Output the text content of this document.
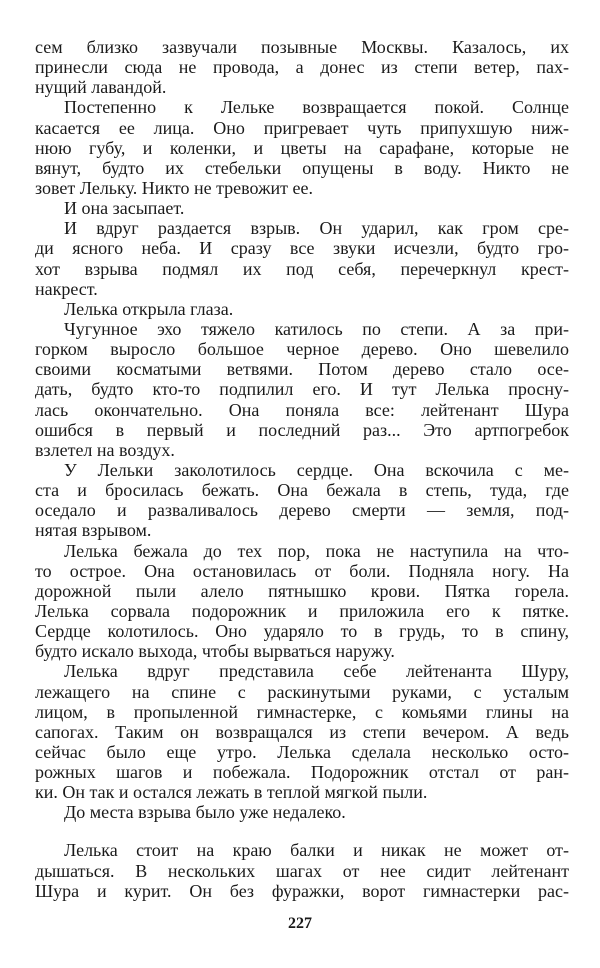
сем близко зазвучали позывные Москвы. Казалось, их
принесли сюда не провода, а донес из степи ветер, пах-
нущий лавандой.
Постепенно к Лельке возвращается покой. Солнце
касается ее лица. Оно пригревает чуть припухшую ниж-
нюю губу, и коленки, и цветы на сарафане, которые не
вянут, будто их стебельки опущены в воду. Никто не
зовет Лельку. Никто не тревожит ее.
И она засыпает.
И вдруг раздается взрыв. Он ударил, как гром сре-
ди ясного неба. И сразу все звуки исчезли, будто гро-
хот взрыва подмял их под себя, перечеркнул крест-
накрест.
Лелька открыла глаза.
Чугунное эхо тяжело катилось по степи. А за при-
горком выросло большое черное дерево. Оно шевелило
своими косматыми ветвями. Потом дерево стало осе-
дать, будто кто-то подпилил его. И тут Лелька просну-
лась окончательно. Она поняла все: лейтенант Шура
ошибся в первый и последний раз... Это артпогребок
взлетел на воздух.
У Лельки заколотилось сердце. Она вскочила с ме-
ста и бросилась бежать. Она бежала в степь, туда, где
оседало и разваливалось дерево смерти — земля, под-
нятая взрывом.
Лелька бежала до тех пор, пока не наступила на что-
то острое. Она остановилась от боли. Подняла ногу. На
дорожной пыли алело пятнышко крови. Пятка горела.
Лелька сорвала подорожник и приложила его к пятке.
Сердце колотилось. Оно ударяло то в грудь, то в спину,
будто искало выхода, чтобы вырваться наружу.
Лелька вдруг представила себе лейтенанта Шуру,
лежащего на спине с раскинутыми руками, с усталым
лицом, в пропыленной гимнастерке, с комьями глины на
сапогах. Таким он возвращался из степи вечером. А ведь
сейчас было еще утро. Лелька сделала несколько осто-
рожных шагов и побежала. Подорожник отстал от ран-
ки. Он так и остался лежать в теплой мягкой пыли.
До места взрыва было уже недалеко.
Лелька стоит на краю балки и никак не может от-
дышаться. В нескольких шагах от нее сидит лейтенант
Шура и курит. Он без фуражки, ворот гимнастерки рас-
227
